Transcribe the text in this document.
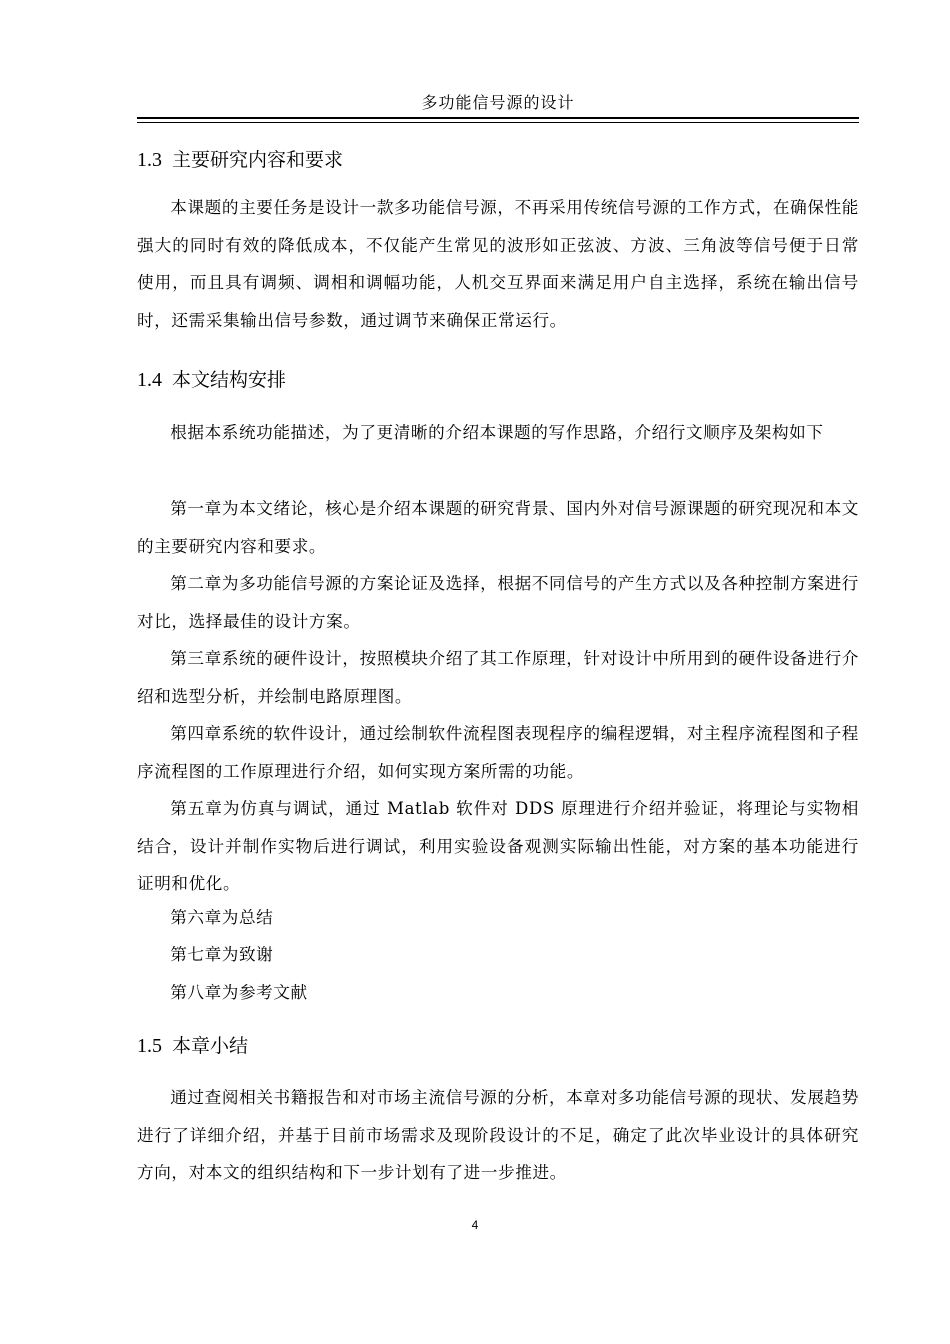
多功能信号源的设计
1.3 主要研究内容和要求

本课题的主要任务是设计一款多功能信号源，不再采用传统信号源的工作方式，在确保性能强大的同时有效的降低成本，不仅能产生常见的波形如正弦波、方波、三角波等信号便于日常使用，而且具有调频、调相和调幅功能，人机交互界面来满足用户自主选择，系统在输出信号时，还需采集输出信号参数，通过调节来确保正常运行。

1.4 本文结构安排

根据本系统功能描述，为了更清晰的介绍本课题的写作思路，介绍行文顺序及架构如下

第一章为本文绪论，核心是介绍本课题的研究背景、国内外对信号源课题的研究现况和本文的主要研究内容和要求。

第二章为多功能信号源的方案论证及选择，根据不同信号的产生方式以及各种控制方案进行对比，选择最佳的设计方案。

第三章系统的硬件设计，按照模块介绍了其工作原理，针对设计中所用到的硬件设备进行介绍和选型分析，并绘制电路原理图。

第四章系统的软件设计，通过绘制软件流程图表现程序的编程逻辑，对主程序流程图和子程序流程图的工作原理进行介绍，如何实现方案所需的功能。

第五章为仿真与调试，通过 Matlab 软件对 DDS 原理进行介绍并验证，将理论与实物相结合，设计并制作实物后进行调试，利用实验设备观测实际输出性能，对方案的基本功能进行证明和优化。

第六章为总结

第七章为致谢

第八章为参考文献

1.5 本章小结

通过查阅相关书籍报告和对市场主流信号源的分析，本章对多功能信号源的现状、发展趋势进行了详细介绍，并基于目前市场需求及现阶段设计的不足，确定了此次毕业设计的具体研究方向，对本文的组织结构和下一步计划有了进一步推进。

4
